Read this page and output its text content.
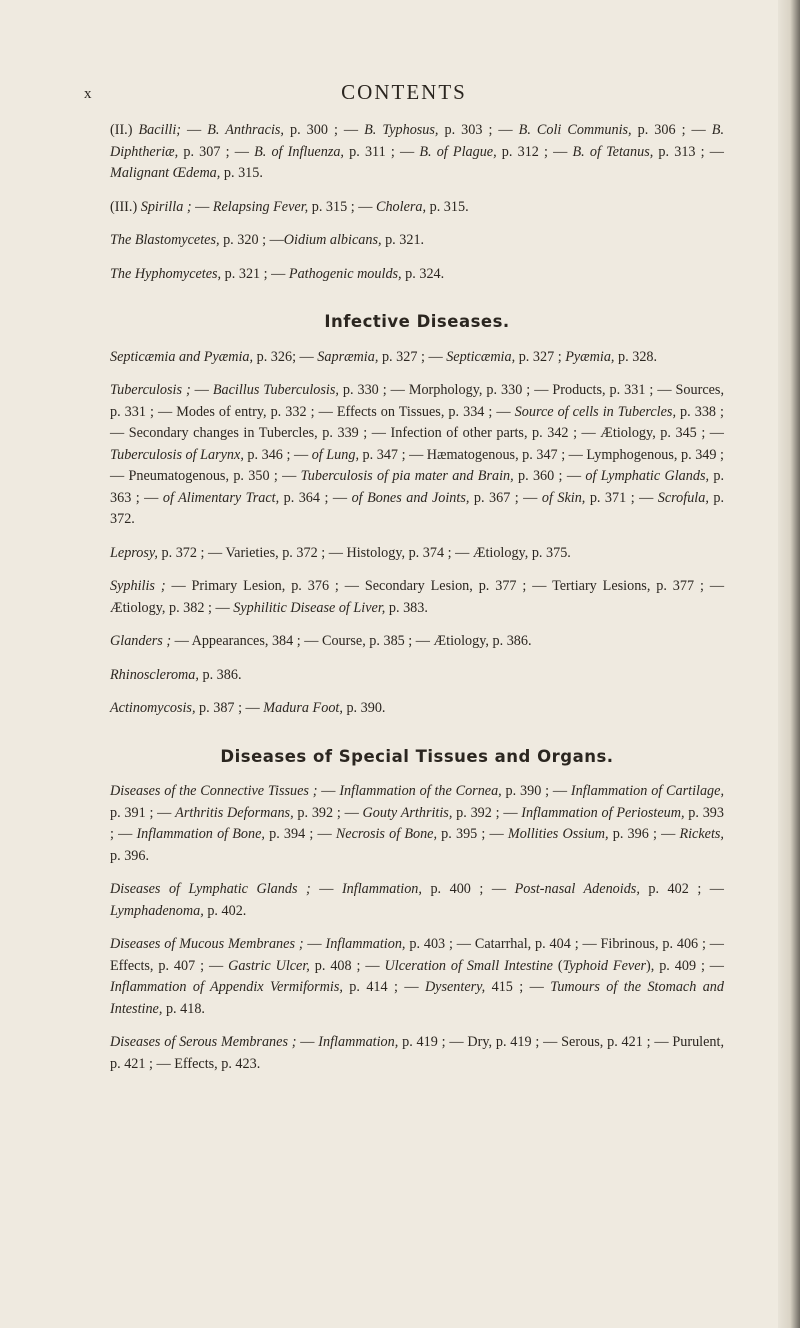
x	CONTENTS

(II.) Bacilli; — B. Anthracis, p. 300 ; — B. Typhosus, p. 303 ; — B. Coli Communis, p. 306 ; — B. Diphtheriæ, p. 307 ; — B. of Influenza, p. 311 ; — B. of Plague, p. 312 ; — B. of Tetanus, p. 313 ; — Malignant Œdema, p. 315.

(III.) Spirilla ; — Relapsing Fever, p. 315 ; — Cholera, p. 315.

The Blastomycetes, p. 320 ; —Oidium albicans, p. 321.

The Hyphomycetes, p. 321 ; — Pathogenic moulds, p. 324.

Infective Diseases.

Septicæmia and Pyæmia, p. 326; — Sapræmia, p. 327 ; — Septicæmia, p. 327 ; Pyæmia, p. 328.

Tuberculosis ; — Bacillus Tuberculosis, p. 330 ; — Morphology, p. 330 ; — Products, p. 331 ; — Sources, p. 331 ; — Modes of entry, p. 332 ; — Effects on Tissues, p. 334 ; — Source of cells in Tubercles, p. 338 ; — Secondary changes in Tubercles, p. 339 ; — Infection of other parts, p. 342 ; — Ætiology, p. 345 ; — Tuberculosis of Larynx, p. 346 ; — of Lung, p. 347 ; — Hæmatogenous, p. 347 ; — Lymphogenous, p. 349 ; — Pneumatogenous, p. 350 ; — Tuberculosis of pia mater and Brain, p. 360 ; — of Lymphatic Glands, p. 363 ; — of Alimentary Tract, p. 364 ; — of Bones and Joints, p. 367 ; — of Skin, p. 371 ; — Scrofula, p. 372.

Leprosy, p. 372 ; — Varieties, p. 372 ; — Histology, p. 374 ; — Ætiology, p. 375.

Syphilis ; — Primary Lesion, p. 376 ; — Secondary Lesion, p. 377 ; — Tertiary Lesions, p. 377 ; — Ætiology, p. 382 ; — Syphilitic Disease of Liver, p. 383.

Glanders ; — Appearances, 384 ; — Course, p. 385 ; — Ætiology, p. 386.

Rhinoscleroma, p. 386.

Actinomycosis, p. 387 ; — Madura Foot, p. 390.

Diseases of Special Tissues and Organs.

Diseases of the Connective Tissues ; — Inflammation of the Cornea, p. 390 ; — Inflammation of Cartilage, p. 391 ; — Arthritis Deformans, p. 392 ; — Gouty Arthritis, p. 392 ; — Inflammation of Periosteum, p. 393 ; — Inflammation of Bone, p. 394 ; — Necrosis of Bone, p. 395 ; — Mollities Ossium, p. 396 ; — Rickets, p. 396.

Diseases of Lymphatic Glands ; — Inflammation, p. 400 ; — Post-nasal Adenoids, p. 402 ; — Lymphadenoma, p. 402.

Diseases of Mucous Membranes ; — Inflammation, p. 403 ; — Catarrhal, p. 404 ; — Fibrinous, p. 406 ; — Effects, p. 407 ; — Gastric Ulcer, p. 408 ; — Ulceration of Small Intestine (Typhoid Fever), p. 409 ; — Inflammation of Appendix Vermiformis, p. 414 ; — Dysentery, 415 ; — Tumours of the Stomach and Intestine, p. 418.

Diseases of Serous Membranes ; — Inflammation, p. 419 ; — Dry, p. 419 ; — Serous, p. 421 ; — Purulent, p. 421 ; — Effects, p. 423.
